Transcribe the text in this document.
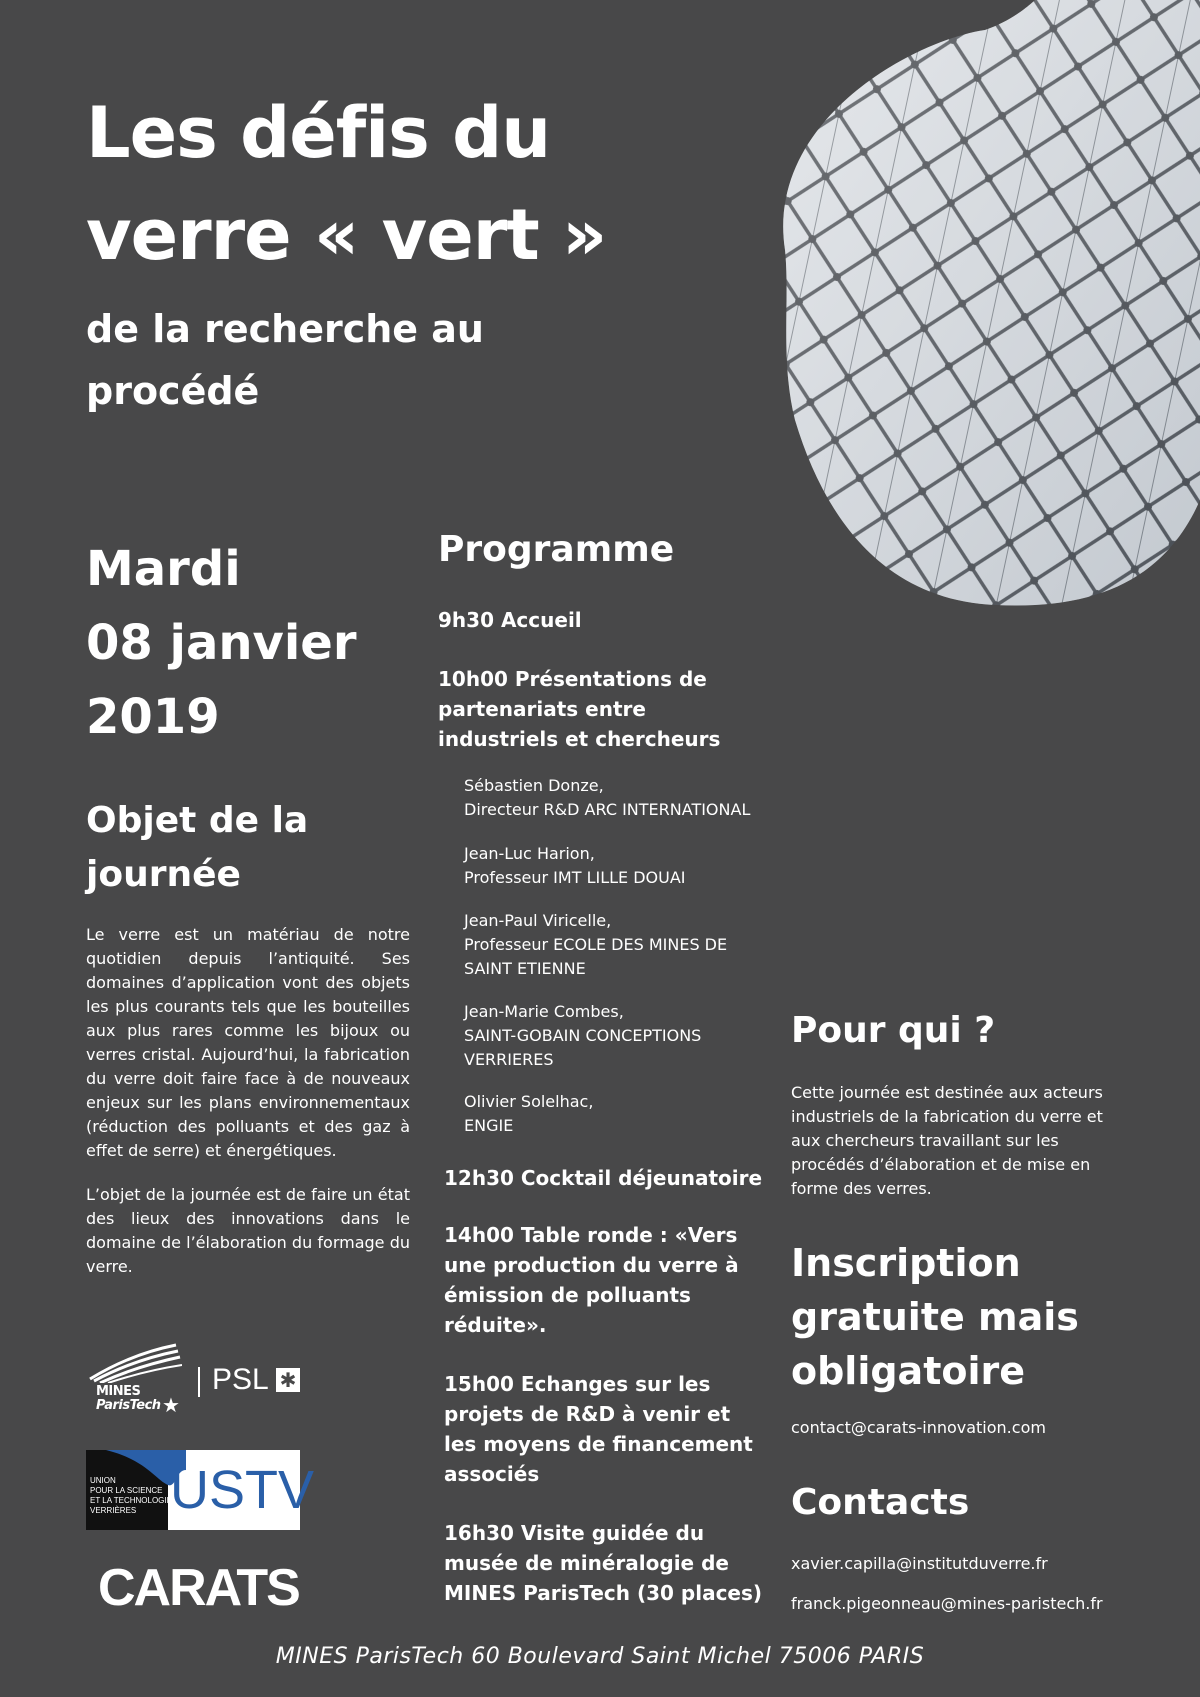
Les défis du
verre « vert »
de la recherche au
procédé
Mardi
08 janvier
2019
Objet de la
journée
Le verre est un matériau de notre quotidien depuis l’antiquité. Ses domaines d’application vont des objets les plus courants tels que les bouteilles aux plus rares comme les bijoux ou verres cristal. Aujourd’hui, la fabrication du verre doit faire face à de nouveaux enjeux sur les plans environnementaux (réduction des polluants et des gaz à effet de serre) et énergétiques.
L’objet de la journée est de faire un état des lieux des innovations dans le domaine de l’élaboration du formage du verre.
Programme
9h30 Accueil
10h00 Présentations de partenariats entre industriels et chercheurs
Sébastien Donze,
Directeur R&D ARC INTERNATIONAL
Jean-Luc Harion,
Professeur IMT LILLE DOUAI
Jean-Paul Viricelle,
Professeur ECOLE DES MINES DE SAINT ETIENNE
Jean-Marie Combes,
SAINT-GOBAIN CONCEPTIONS VERRIERES
Olivier Solelhac,
ENGIE
12h30 Cocktail déjeunatoire
14h00 Table ronde : «Vers une production du verre à émission de polluants réduite».
15h00 Echanges sur les projets de R&D à venir et les moyens de financement associés
16h30 Visite guidée du musée de minéralogie de MINES ParisTech (30 places)
Pour qui ?
Cette journée est destinée aux acteurs industriels de la fabrication du verre et aux chercheurs travaillant sur les procédés d’élaboration et de mise en forme des verres.
Inscription
gratuite mais
obligatoire
contact@carats-innovation.com
Contacts
xavier.capilla@institutduverre.fr
franck.pigeonneau@mines-paristech.fr
MINES
ParisTech ★
PSL ✱
UNION
POUR LA SCIENCE
ET LA TECHNOLOGIE
VERRIÈRES USTV
CARATS
MINES ParisTech 60 Boulevard Saint Michel 75006 PARIS
